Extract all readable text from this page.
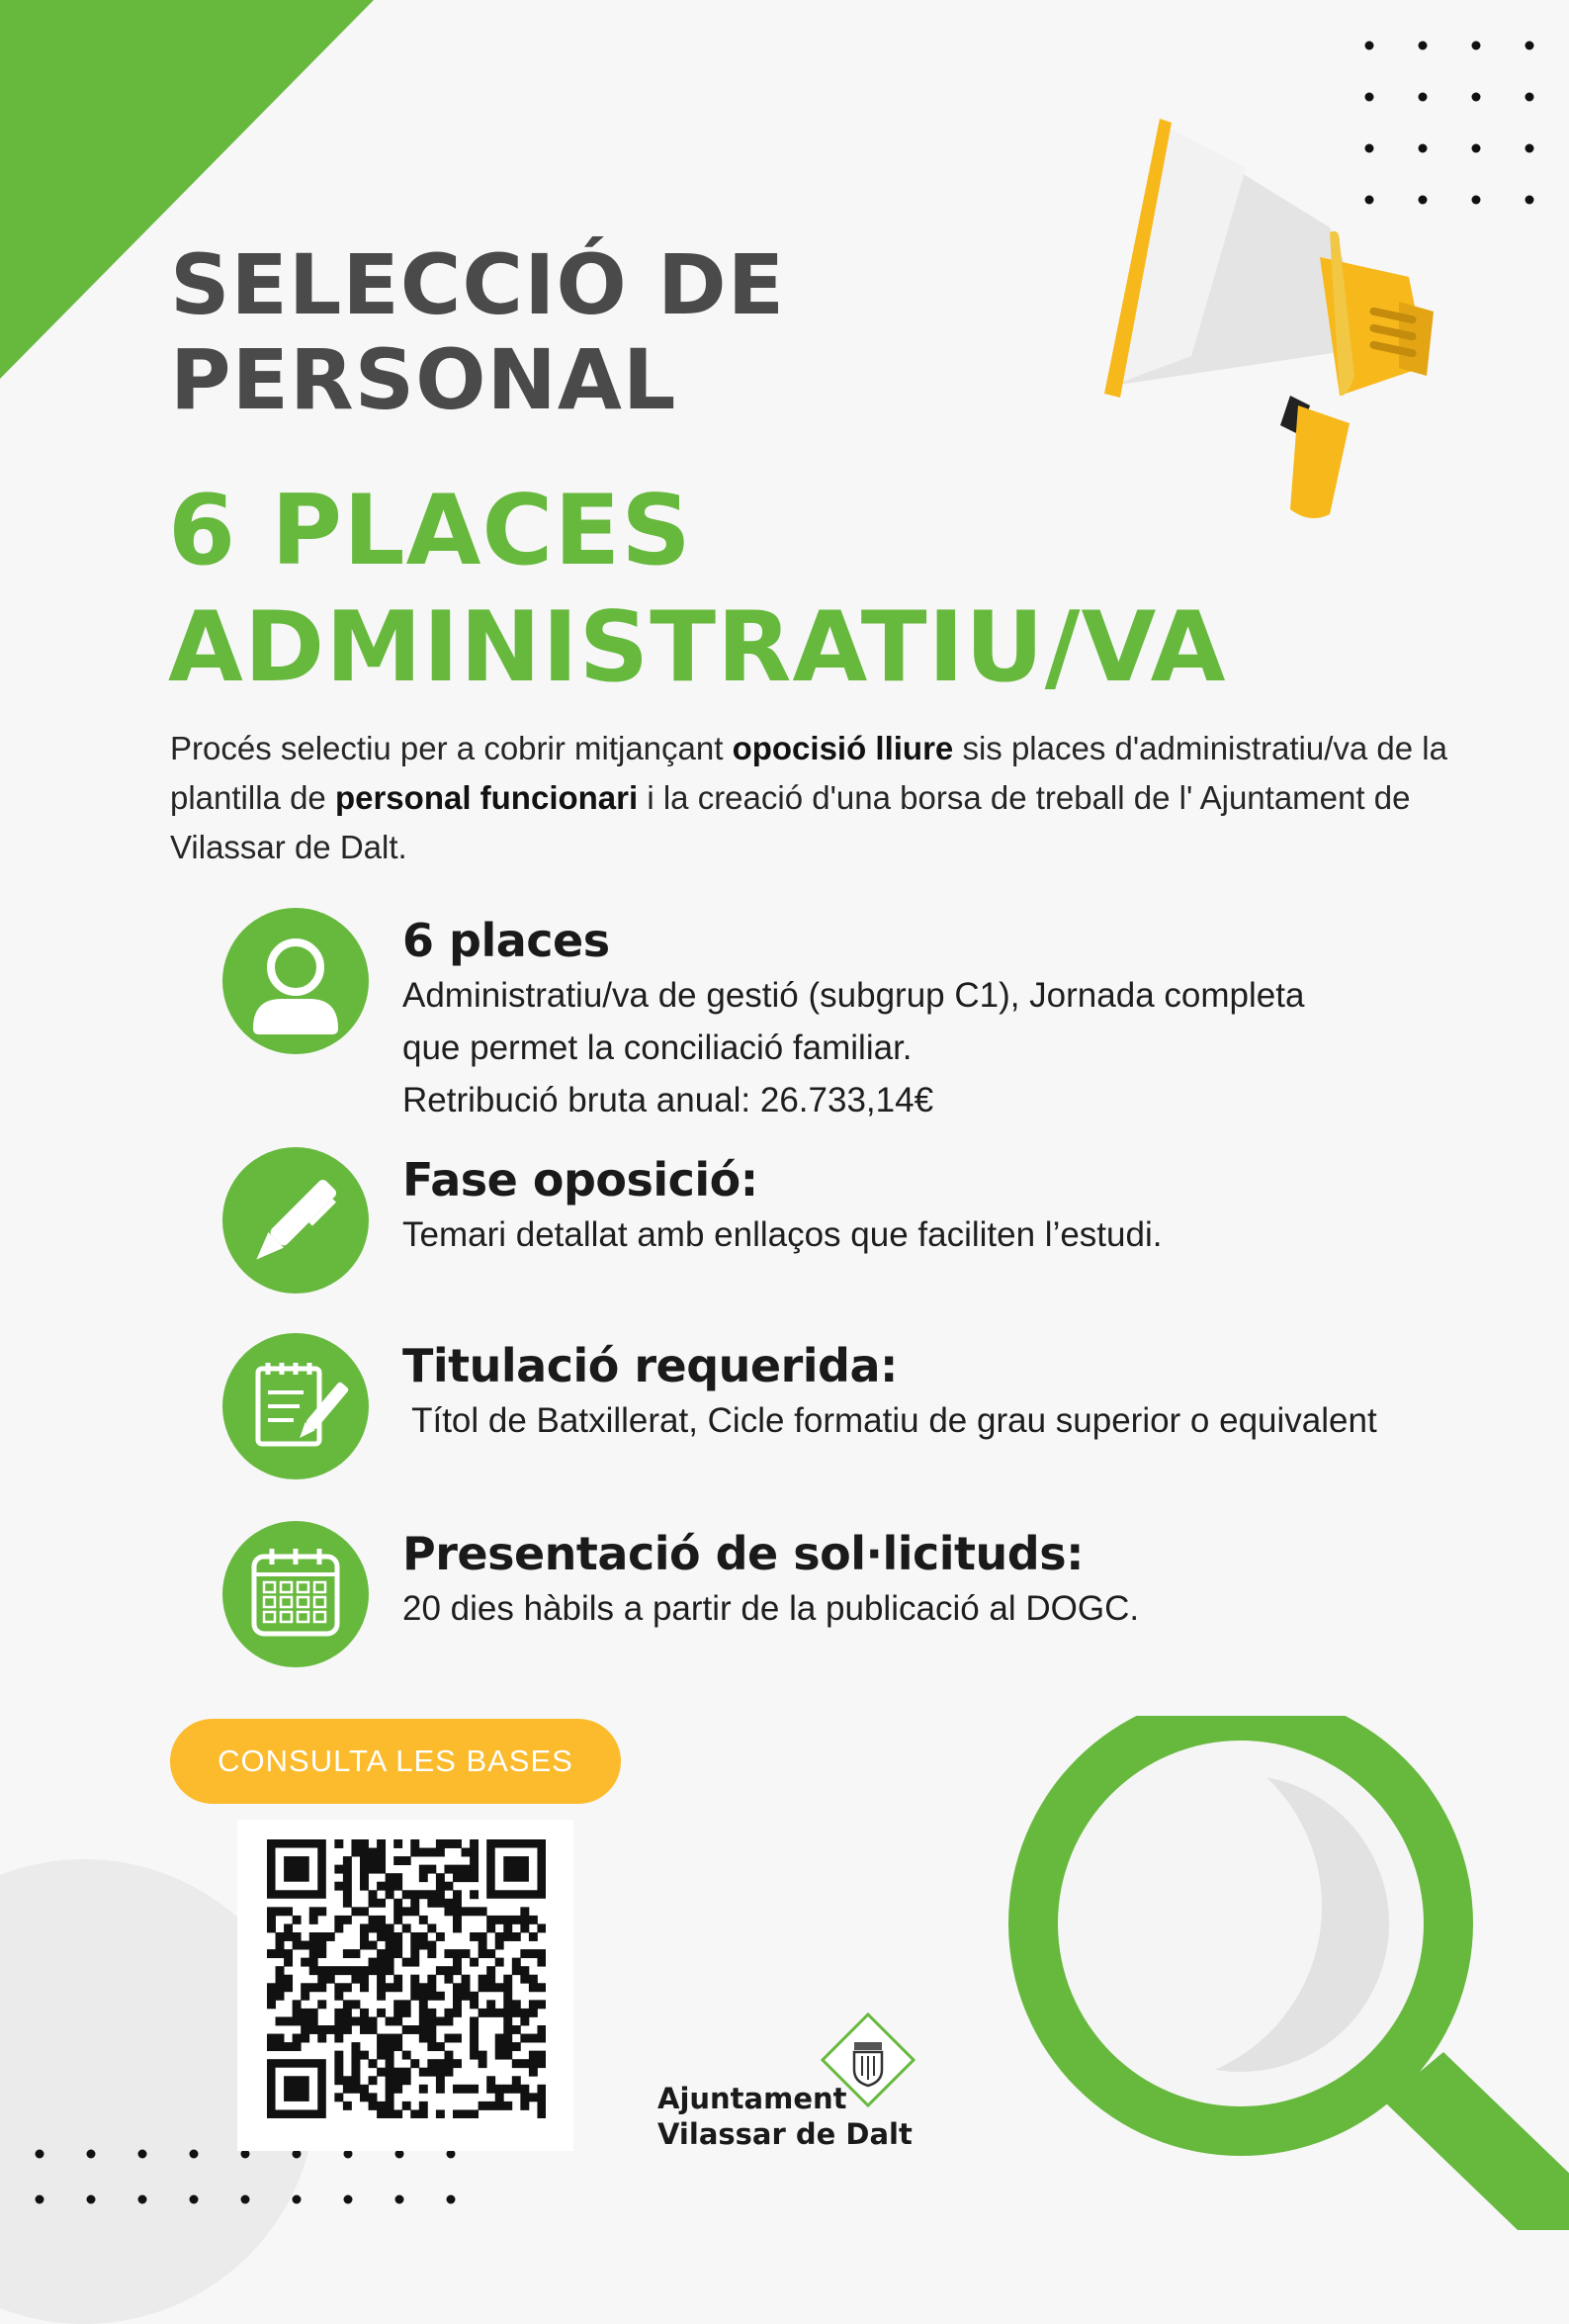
SELECCIÓ DE
PERSONAL
6 PLACES
ADMINISTRATIU/VA
Procés selectiu per a cobrir mitjançant opocisió lliure sis places d'administratiu/va de la plantilla de personal funcionari i la creació d'una borsa de treball de l' Ajuntament de Vilassar de Dalt.
6 places
Administratiu/va de gestió (subgrup C1), Jornada completa
que permet la conciliació familiar.
Retribució bruta anual: 26.733,14€
Fase oposició:
Temari detallat amb enllaços que faciliten l’estudi.
Titulació requerida:
Títol de Batxillerat, Cicle formatiu de grau superior o equivalent
Presentació de sol·licituds:
20 dies hàbils a partir de la publicació al DOGC.
CONSULTA LES BASES
Ajuntament
Vilassar de Dalt
